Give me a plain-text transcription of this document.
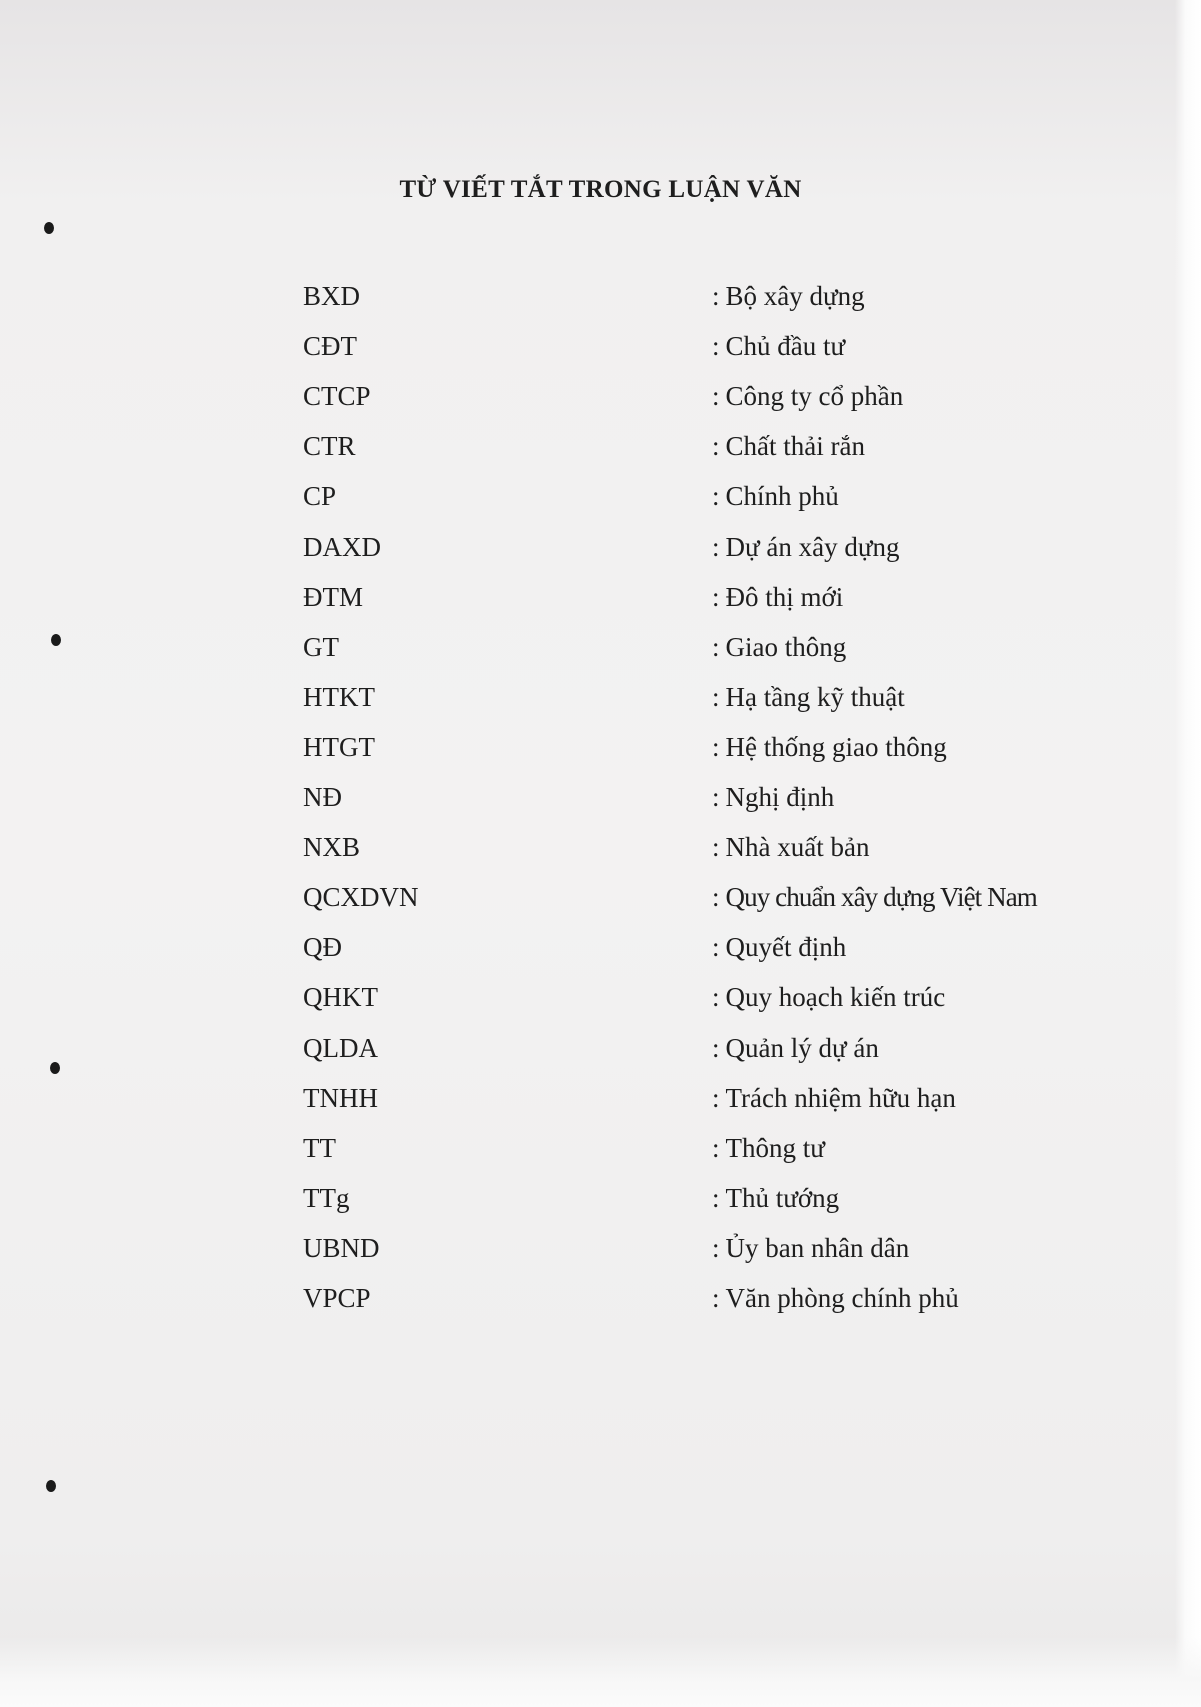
TỪ VIẾT TẮT TRONG LUẬN VĂN
BXD	: Bộ xây dựng
CĐT	: Chủ đầu tư
CTCP	: Công ty cổ phần
CTR	: Chất thải rắn
CP	: Chính phủ
DAXD	: Dự án xây dựng
ĐTM	: Đô thị mới
GT	: Giao thông
HTKT	: Hạ tầng kỹ thuật
HTGT	: Hệ thống giao thông
NĐ	: Nghị định
NXB	: Nhà xuất bản
QCXDVN	: Quy chuẩn xây dựng Việt Nam
QĐ	: Quyết định
QHKT	: Quy hoạch kiến trúc
QLDA	: Quản lý dự án
TNHH	: Trách nhiệm hữu hạn
TT	: Thông tư
TTg	: Thủ tướng
UBND	: Ủy ban nhân dân
VPCP	: Văn phòng chính phủ
